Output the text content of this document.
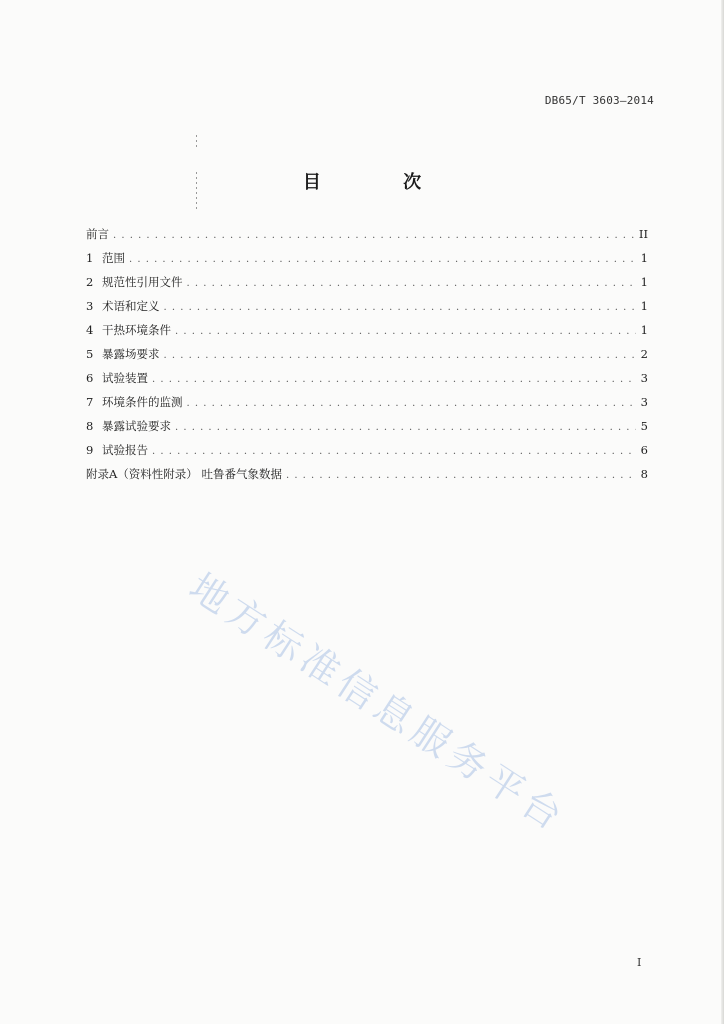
DB65/T 3603—2014
目 次
前言 . . .	II
1 范围 . . .	1
2 规范性引用文件 . . .	1
3 术语和定义 . . .	1
4 干热环境条件 . . .	1
5 暴露场要求 . . .	2
6 试验装置 . . .	3
7 环境条件的监测 . . .	3
8 暴露试验要求 . . .	5
9 试验报告 . . .	6
附录A（资料性附录） 吐鲁番气象数据 . . .	8
地方标准信息服务平台
I
